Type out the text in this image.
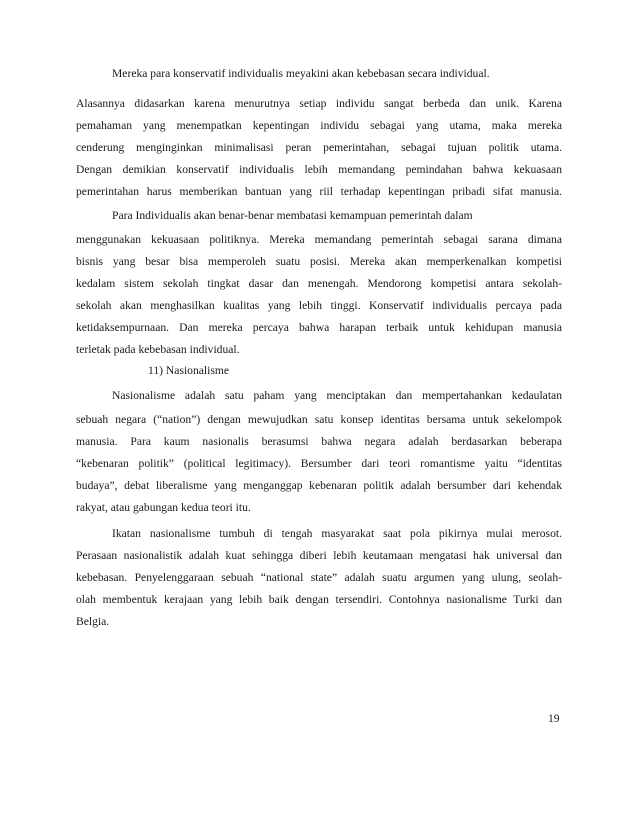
Mereka para konservatif individualis meyakini akan kebebasan secara individual.
Alasannya didasarkan karena menurutnya setiap individu sangat berbeda dan unik. Karena
pemahaman yang menempatkan kepentingan individu sebagai yang utama, maka mereka
cenderung menginginkan minimalisasi peran pemerintahan, sebagai tujuan politik utama.
Dengan demikian konservatif individualis lebih memandang pemindahan bahwa kekuasaan
pemerintahan harus memberikan bantuan yang riil terhadap kepentingan pribadi sifat manusia.
Para Individualis akan benar-benar membatasi kemampuan pemerintah dalam
menggunakan kekuasaan politiknya. Mereka memandang pemerintah sebagai sarana dimana
bisnis yang besar bisa memperoleh suatu posisi. Mereka akan memperkenalkan kompetisi
kedalam sistem sekolah tingkat dasar dan menengah. Mendorong kompetisi antara sekolah-
sekolah akan menghasilkan kualitas yang lebih tinggi. Konservatif individualis percaya pada
ketidaksempurnaan. Dan mereka percaya bahwa harapan terbaik untuk kehidupan manusia
terletak pada kebebasan individual.
11) Nasionalisme
Nasionalisme adalah satu paham yang menciptakan dan mempertahankan kedaulatan
sebuah negara (“nation”) dengan mewujudkan satu konsep identitas bersama untuk sekelompok
manusia. Para kaum nasionalis berasumsi bahwa negara adalah berdasarkan beberapa
“kebenaran politik” (political legitimacy). Bersumber dari teori romantisme yaitu “identitas
budaya”, debat liberalisme yang menganggap kebenaran politik adalah bersumber dari kehendak
rakyat, atau gabungan kedua teori itu.
Ikatan nasionalisme tumbuh di tengah masyarakat saat pola pikirnya mulai merosot.
Perasaan nasionalistik adalah kuat sehingga diberi lebih keutamaan mengatasi hak universal dan
kebebasan. Penyelenggaraan sebuah “national state” adalah suatu argumen yang ulung, seolah-
olah membentuk kerajaan yang lebih baik dengan tersendiri. Contohnya nasionalisme Turki dan
Belgia.
19
